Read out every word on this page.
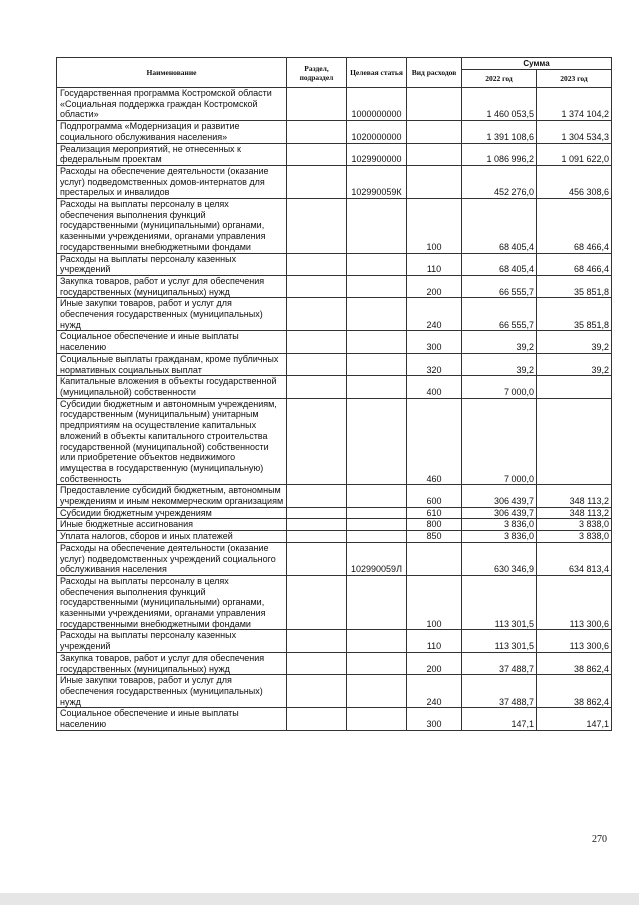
Наименование	Раздел, подраздел	Целевая статья	Вид расходов	Сумма	
				2022 год	2023 год
Государственная программа Костромской области «Социальная поддержка граждан Костромской области»		1000000000		1 460 053,5	1 374 104,2
Подпрограмма «Модернизация и развитие социального обслуживания населения»		1020000000		1 391 108,6	1 304 534,3
Реализация мероприятий, не отнесенных к федеральным проектам		1029900000		1 086 996,2	1 091 622,0
Расходы на обеспечение деятельности (оказание услуг) подведомственных домов-интернатов для престарелых и инвалидов		102990059К		452 276,0	456 308,6
Расходы на выплаты персоналу в целях обеспечения выполнения функций государственными (муниципальными) органами, казенными учреждениями, органами управления государственными внебюджетными фондами			100	68 405,4	68 466,4
Расходы на выплаты персоналу казенных учреждений			110	68 405,4	68 466,4
Закупка товаров, работ и услуг для обеспечения государственных (муниципальных) нужд			200	66 555,7	35 851,8
Иные закупки товаров, работ и услуг для обеспечения государственных (муниципальных) нужд			240	66 555,7	35 851,8
Социальное обеспечение и иные выплаты населению			300	39,2	39,2
Социальные выплаты гражданам, кроме публичных нормативных социальных выплат			320	39,2	39,2
Капитальные вложения в объекты государственной (муниципальной) собственности			400	7 000,0	
Субсидии бюджетным и автономным учреждениям, государственным (муниципальным) унитарным предприятиям на осуществление капитальных вложений в объекты капитального строительства государственной (муниципальной) собственности или приобретение объектов недвижимого имущества в государственную (муниципальную) собственность			460	7 000,0	
Предоставление субсидий бюджетным, автономным учреждениям и иным некоммерческим организациям			600	306 439,7	348 113,2
Субсидии бюджетным учреждениям			610	306 439,7	348 113,2
Иные бюджетные ассигнования			800	3 836,0	3 838,0
Уплата налогов, сборов и иных платежей			850	3 836,0	3 838,0
Расходы на обеспечение деятельности (оказание услуг) подведомственных учреждений социального обслуживания населения		102990059Л		630 346,9	634 813,4
Расходы на выплаты персоналу в целях обеспечения выполнения функций государственными (муниципальными) органами, казенными учреждениями, органами управления государственными внебюджетными фондами			100	113 301,5	113 300,6
Расходы на выплаты персоналу казенных учреждений			110	113 301,5	113 300,6
Закупка товаров, работ и услуг для обеспечения государственных (муниципальных) нужд			200	37 488,7	38 862,4
Иные закупки товаров, работ и услуг для обеспечения государственных (муниципальных) нужд			240	37 488,7	38 862,4
Социальное обеспечение и иные выплаты населению			300	147,1	147,1
270
